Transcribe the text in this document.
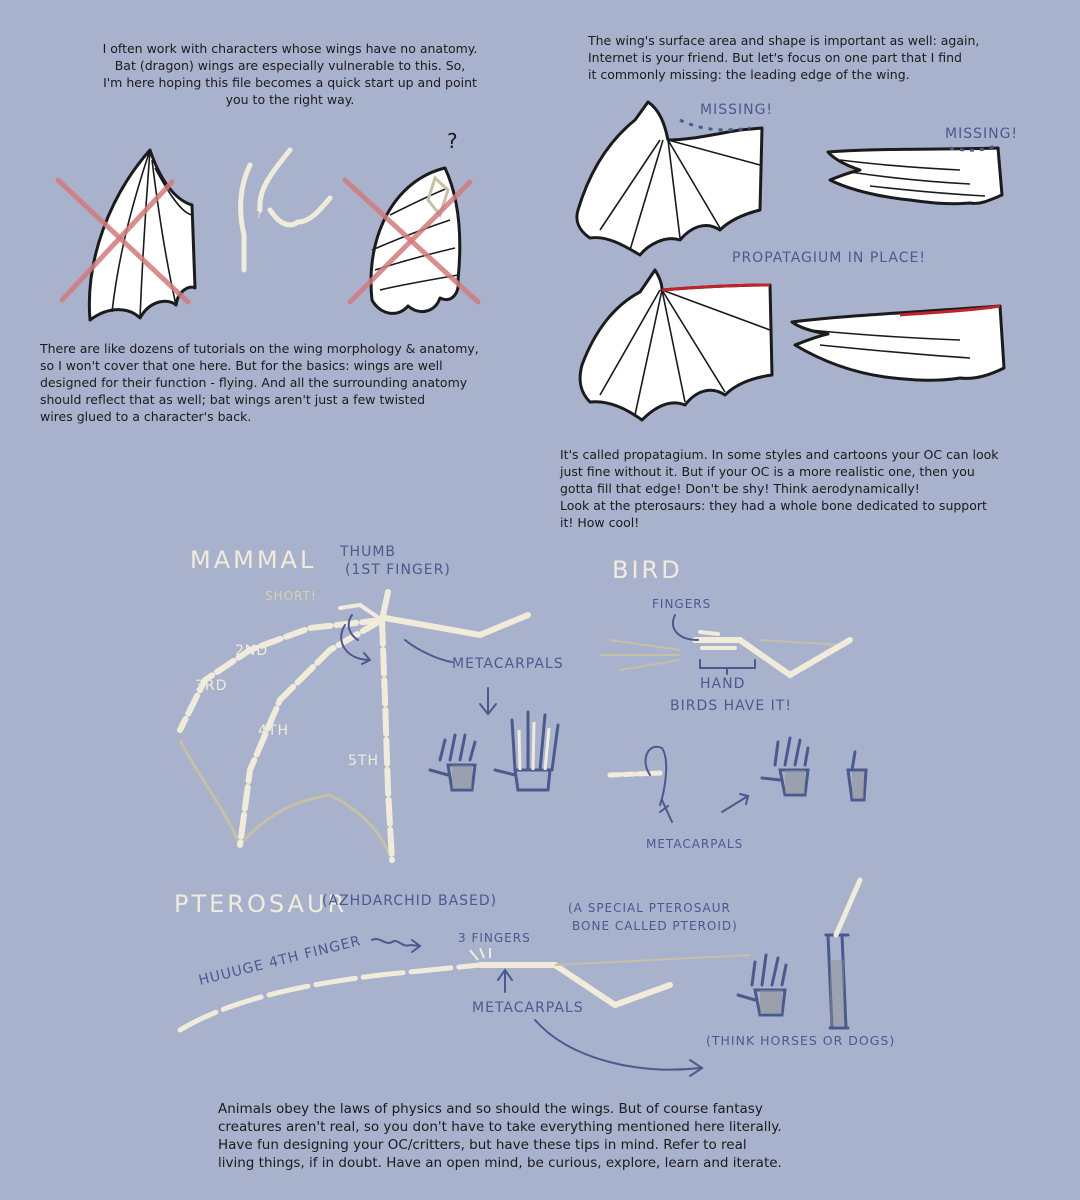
?
?
MISSING!
MISSING!
PROPATAGIUM IN PLACE!
MAMMAL THUMB
(1ST FINGER)
SHORT!
2ND
3RD
4TH
5TH
METACARPALS
BIRD
FINGERS
HAND
BIRDS HAVE IT!
METACARPALS
PTEROSAUR
(AZHDARCHID BASED)
HUUUGE 4TH FINGER	3 FINGERS
(A SPECIAL PTEROSAUR
BONE CALLED PTEROID)
METACARPALS
(THINK HORSES OR DOGS)
I often work with characters whose wings have no anatomy.
Bat (dragon) wings are especially vulnerable to this. So,
I'm here hoping this file becomes a quick start up and point
you to the right way.
The wing's surface area and shape is important as well: again,
Internet is your friend. But let's focus on one part that I find
it commonly missing: the leading edge of the wing.
There are like dozens of tutorials on the wing morphology & anatomy,
so I won't cover that one here. But for the basics: wings are well
designed for their function - flying. And all the surrounding anatomy
should reflect that as well; bat wings aren't just a few twisted
wires glued to a character's back.
It's called propatagium. In some styles and cartoons your OC can look
just fine without it. But if your OC is a more realistic one, then you
gotta fill that edge! Don't be shy! Think aerodynamically!
Look at the pterosaurs: they had a whole bone dedicated to support
it! How cool!
Animals obey the laws of physics and so should the wings. But of course fantasy
creatures aren't real, so you don't have to take everything mentioned here literally.
Have fun designing your OC/critters, but have these tips in mind. Refer to real
living things, if in doubt. Have an open mind, be curious, explore, learn and iterate.
